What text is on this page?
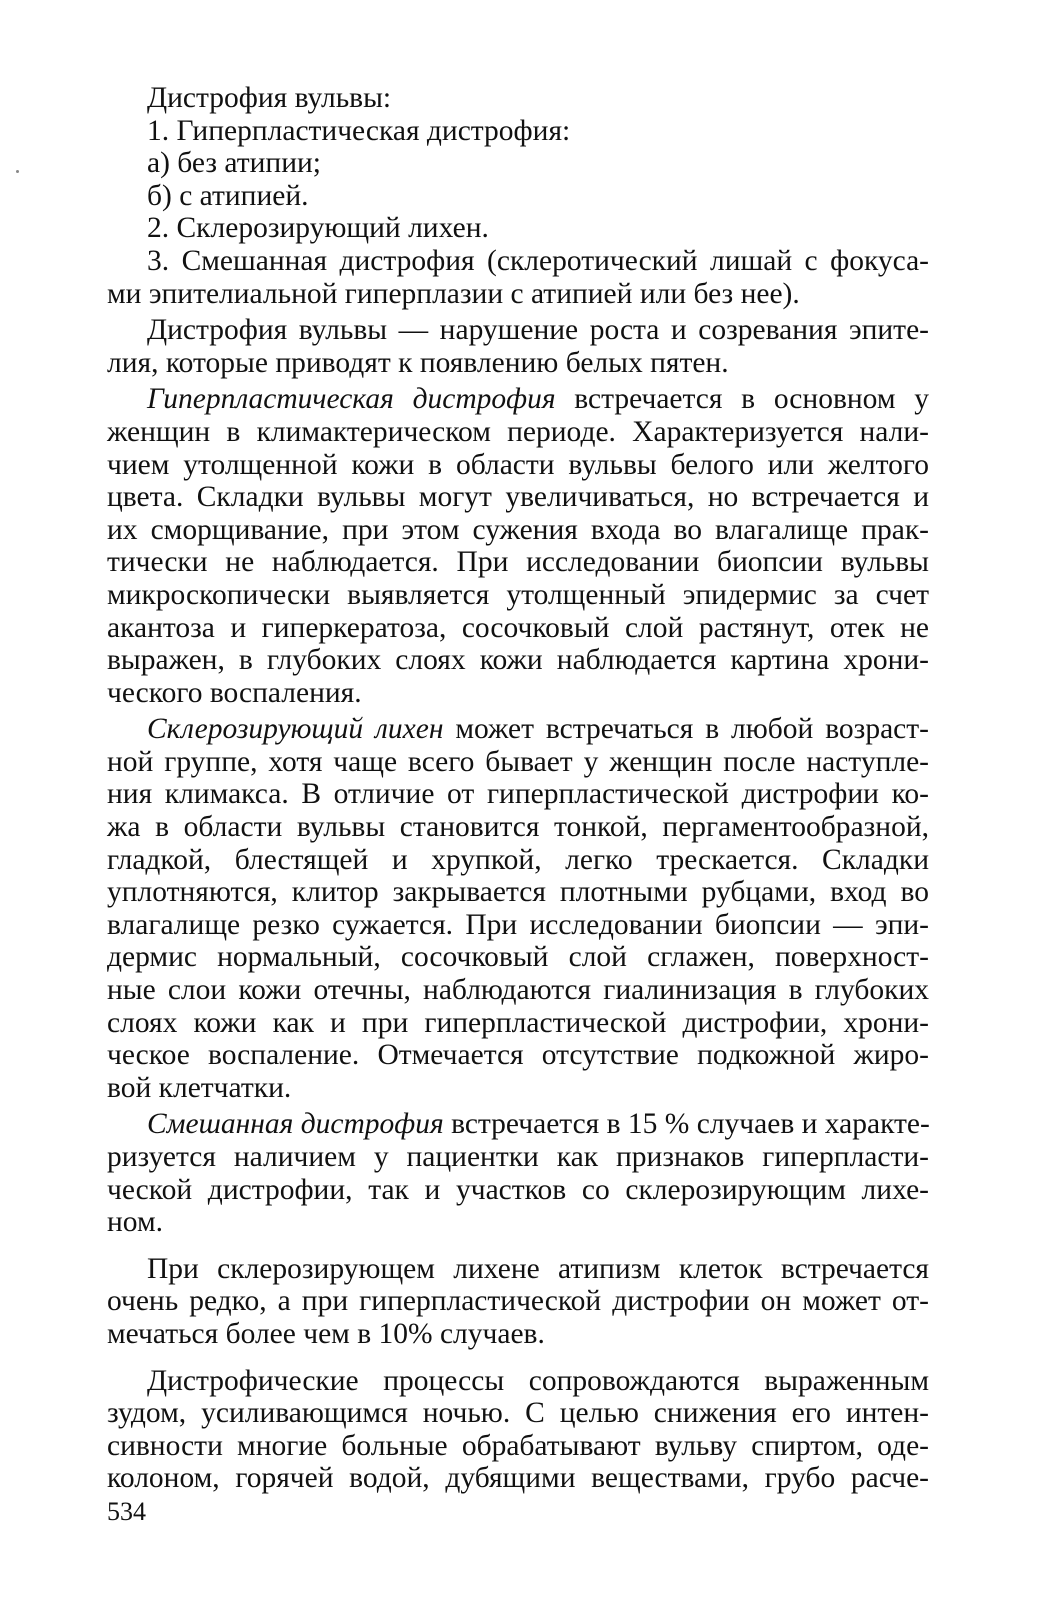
Дистрофия вульвы:
1. Гиперпластическая дистрофия:
а) без атипии;
б) с атипией.
2. Склерозирующий лихен.
3. Смешанная дистрофия (склеротический лишай с фокуса-
ми эпителиальной гиперплазии с атипией или без нее).
Дистрофия вульвы — нарушение роста и созревания эпите-
лия, которые приводят к появлению белых пятен.
Гиперпластическая дистрофия встречается в основном у
женщин в климактерическом периоде. Характеризуется нали-
чием утолщенной кожи в области вульвы белого или желтого
цвета. Складки вульвы могут увеличиваться, но встречается и
их сморщивание, при этом сужения входа во влагалище прак-
тически не наблюдается. При исследовании биопсии вульвы
микроскопически выявляется утолщенный эпидермис за счет
акантоза и гиперкератоза, сосочковый слой растянут, отек не
выражен, в глубоких слоях кожи наблюдается картина хрони-
ческого воспаления.
Склерозирующий лихен может встречаться в любой возраст-
ной группе, хотя чаще всего бывает у женщин после наступле-
ния климакса. В отличие от гиперпластической дистрофии ко-
жа в области вульвы становится тонкой, пергаментообразной,
гладкой, блестящей и хрупкой, легко трескается. Складки
уплотняются, клитор закрывается плотными рубцами, вход во
влагалище резко сужается. При исследовании биопсии — эпи-
дермис нормальный, сосочковый слой сглажен, поверхност-
ные слои кожи отечны, наблюдаются гиалинизация в глубоких
слоях кожи как и при гиперпластической дистрофии, хрони-
ческое воспаление. Отмечается отсутствие подкожной жиро-
вой клетчатки.
Смешанная дистрофия встречается в 15 % случаев и характе-
ризуется наличием у пациентки как признаков гиперпласти-
ческой дистрофии, так и участков со склерозирующим лихе-
ном.
При склерозирующем лихене атипизм клеток встречается
очень редко, а при гиперпластической дистрофии он может от-
мечаться более чем в 10% случаев.
Дистрофические процессы сопровождаются выраженным
зудом, усиливающимся ночью. С целью снижения его интен-
сивности многие больные обрабатывают вульву спиртом, оде-
колоном, горячей водой, дубящими веществами, грубо расче-
534
